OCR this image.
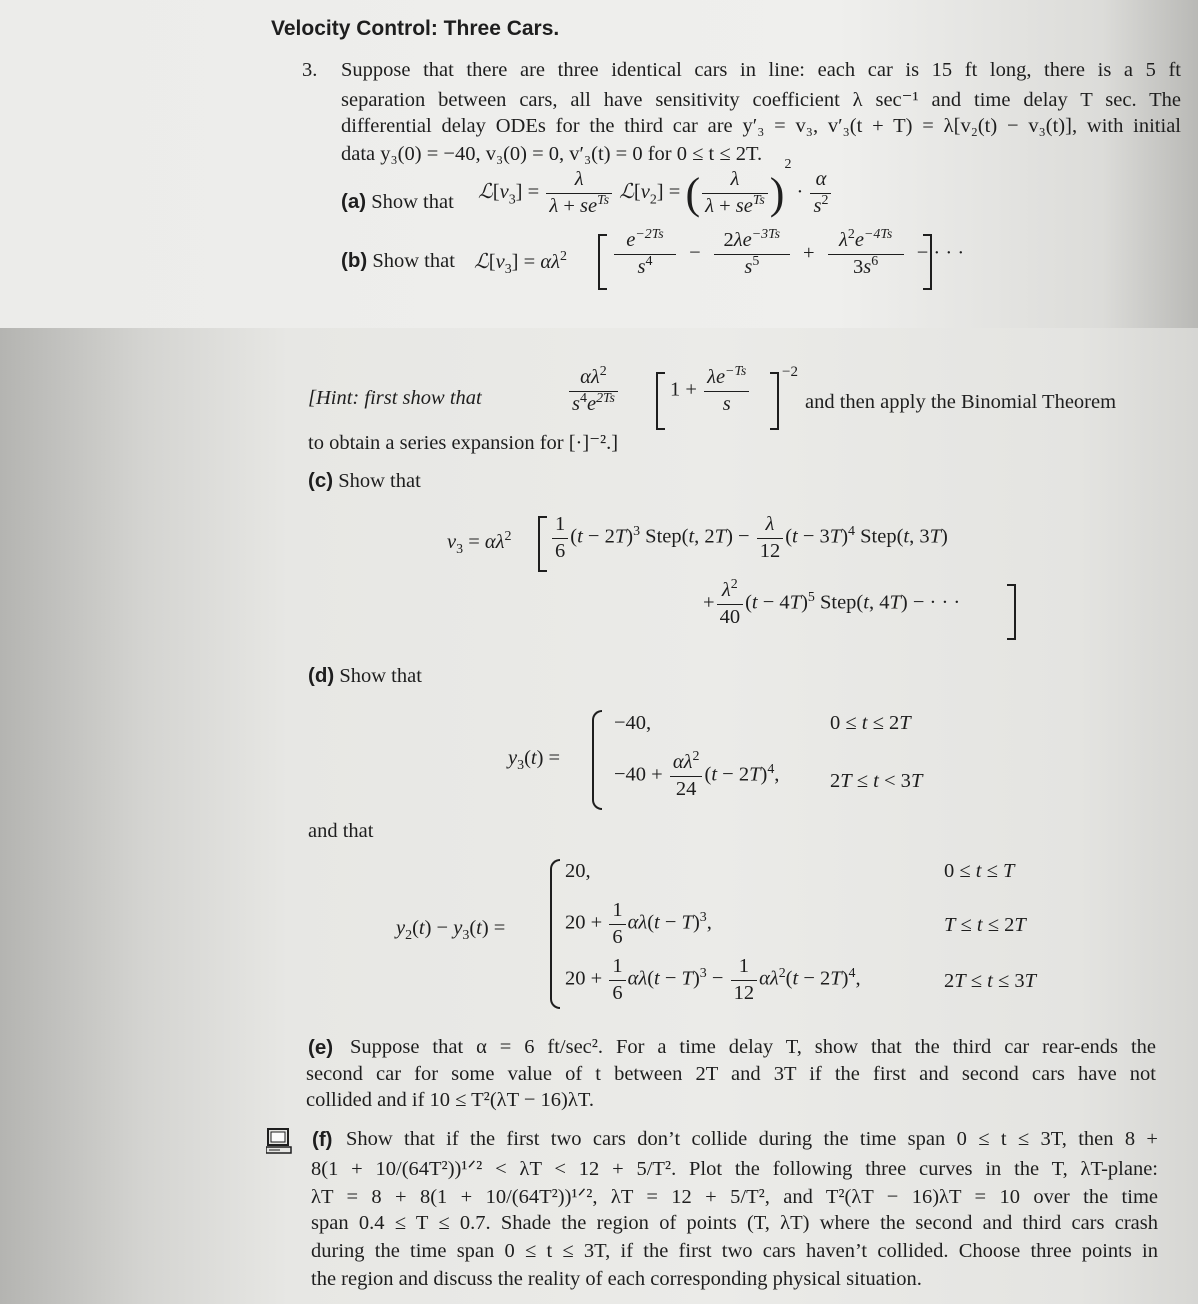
Velocity Control: Three Cars.
3. Suppose that there are three identical cars in line: each car is 15 ft long, there is a 5 ft
separation between cars, all have sensitivity coefficient λ sec⁻¹ and time delay T sec. The
differential delay ODEs for the third car are y′₃ = v₃, v′₃(t + T) = λ[v₂(t) − v₃(t)], with initial
data y₃(0) = −40, v₃(0) = 0, v′₃(t) = 0 for 0 ≤ t ≤ 2T.
(a) Show that $ℒ[v_3] = \frac{\lambda}{\lambda + se^{Ts}}$ $ℒ[v_2]$ = ( $\frac{\lambda}{\lambda + se^{Ts}} )^2 \cdot \frac{\alpha}{s^2}$
(b) Show that $ℒ[v_3] = \alpha\lambda^2 \frac{e^{-2Ts}}{s^4} - \frac{2\lambda e^{-3Ts}}{s^5} + \frac{\lambda^2e^{-4Ts}}{3s^6}$ − · · ·
[Hint: first show that	$\frac{\alpha\lambda^2}{s^4e^{2Ts}}$	$1 + \frac{\lambda e^{-Ts}}{s} -2$
and then apply the Binomial Theorem
to obtain a series expansion for [·]⁻².]
(c) Show that
$v_3 = \alpha\lambda^2 \frac{1}{6} (t - 2T)^3$ Step(t, $2T) - \frac{\lambda}{12} (t - 3T)^4$ Step(t, 3T)
+ $\frac{\lambda^2}{40} (t - 4T)^5$ Step(t, 4T) − · · ·
(d) Show that
$y_3(t)$ =
−40,	0 ≤ t ≤ 2T
$-40 + \frac{\alpha\lambda^2}{24} (t - 2T)^4$, 2T ≤ t < 3T
and that
$y_2(t) - y_3(t)$ =
20,	0 ≤ t ≤ T
$20 + \frac{1}{6} \alpha\lambda(t - T)^3$,	T ≤ t ≤ 2T
$20 + \frac{1}{6} \alpha\lambda(t - T)^3 - \frac{1}{12} \alpha\lambda^2(t - 2T)^4$,	2T ≤ t ≤ 3T
(e) Suppose that α = 6 ft/sec². For a time delay T, show that the third car rear-ends the
second car for some value of t between 2T and 3T if the first and second cars have not
collided and if 10 ≤ T²(λT − 16)λT.
(f) Show that if the first two cars don’t collide during the time span 0 ≤ t ≤ 3T, then 8 +
8(1 + 10/(64T²))¹ᐟ² < λT < 12 + 5/T². Plot the following three curves in the T, λT-plane:
λT = 8 + 8(1 + 10/(64T²))¹ᐟ², λT = 12 + 5/T², and T²(λT − 16)λT = 10 over the time
span 0.4 ≤ T ≤ 0.7. Shade the region of points (T, λT) where the second and third cars crash
during the time span 0 ≤ t ≤ 3T, if the first two cars haven’t collided. Choose three points in
the region and discuss the reality of each corresponding physical situation.
